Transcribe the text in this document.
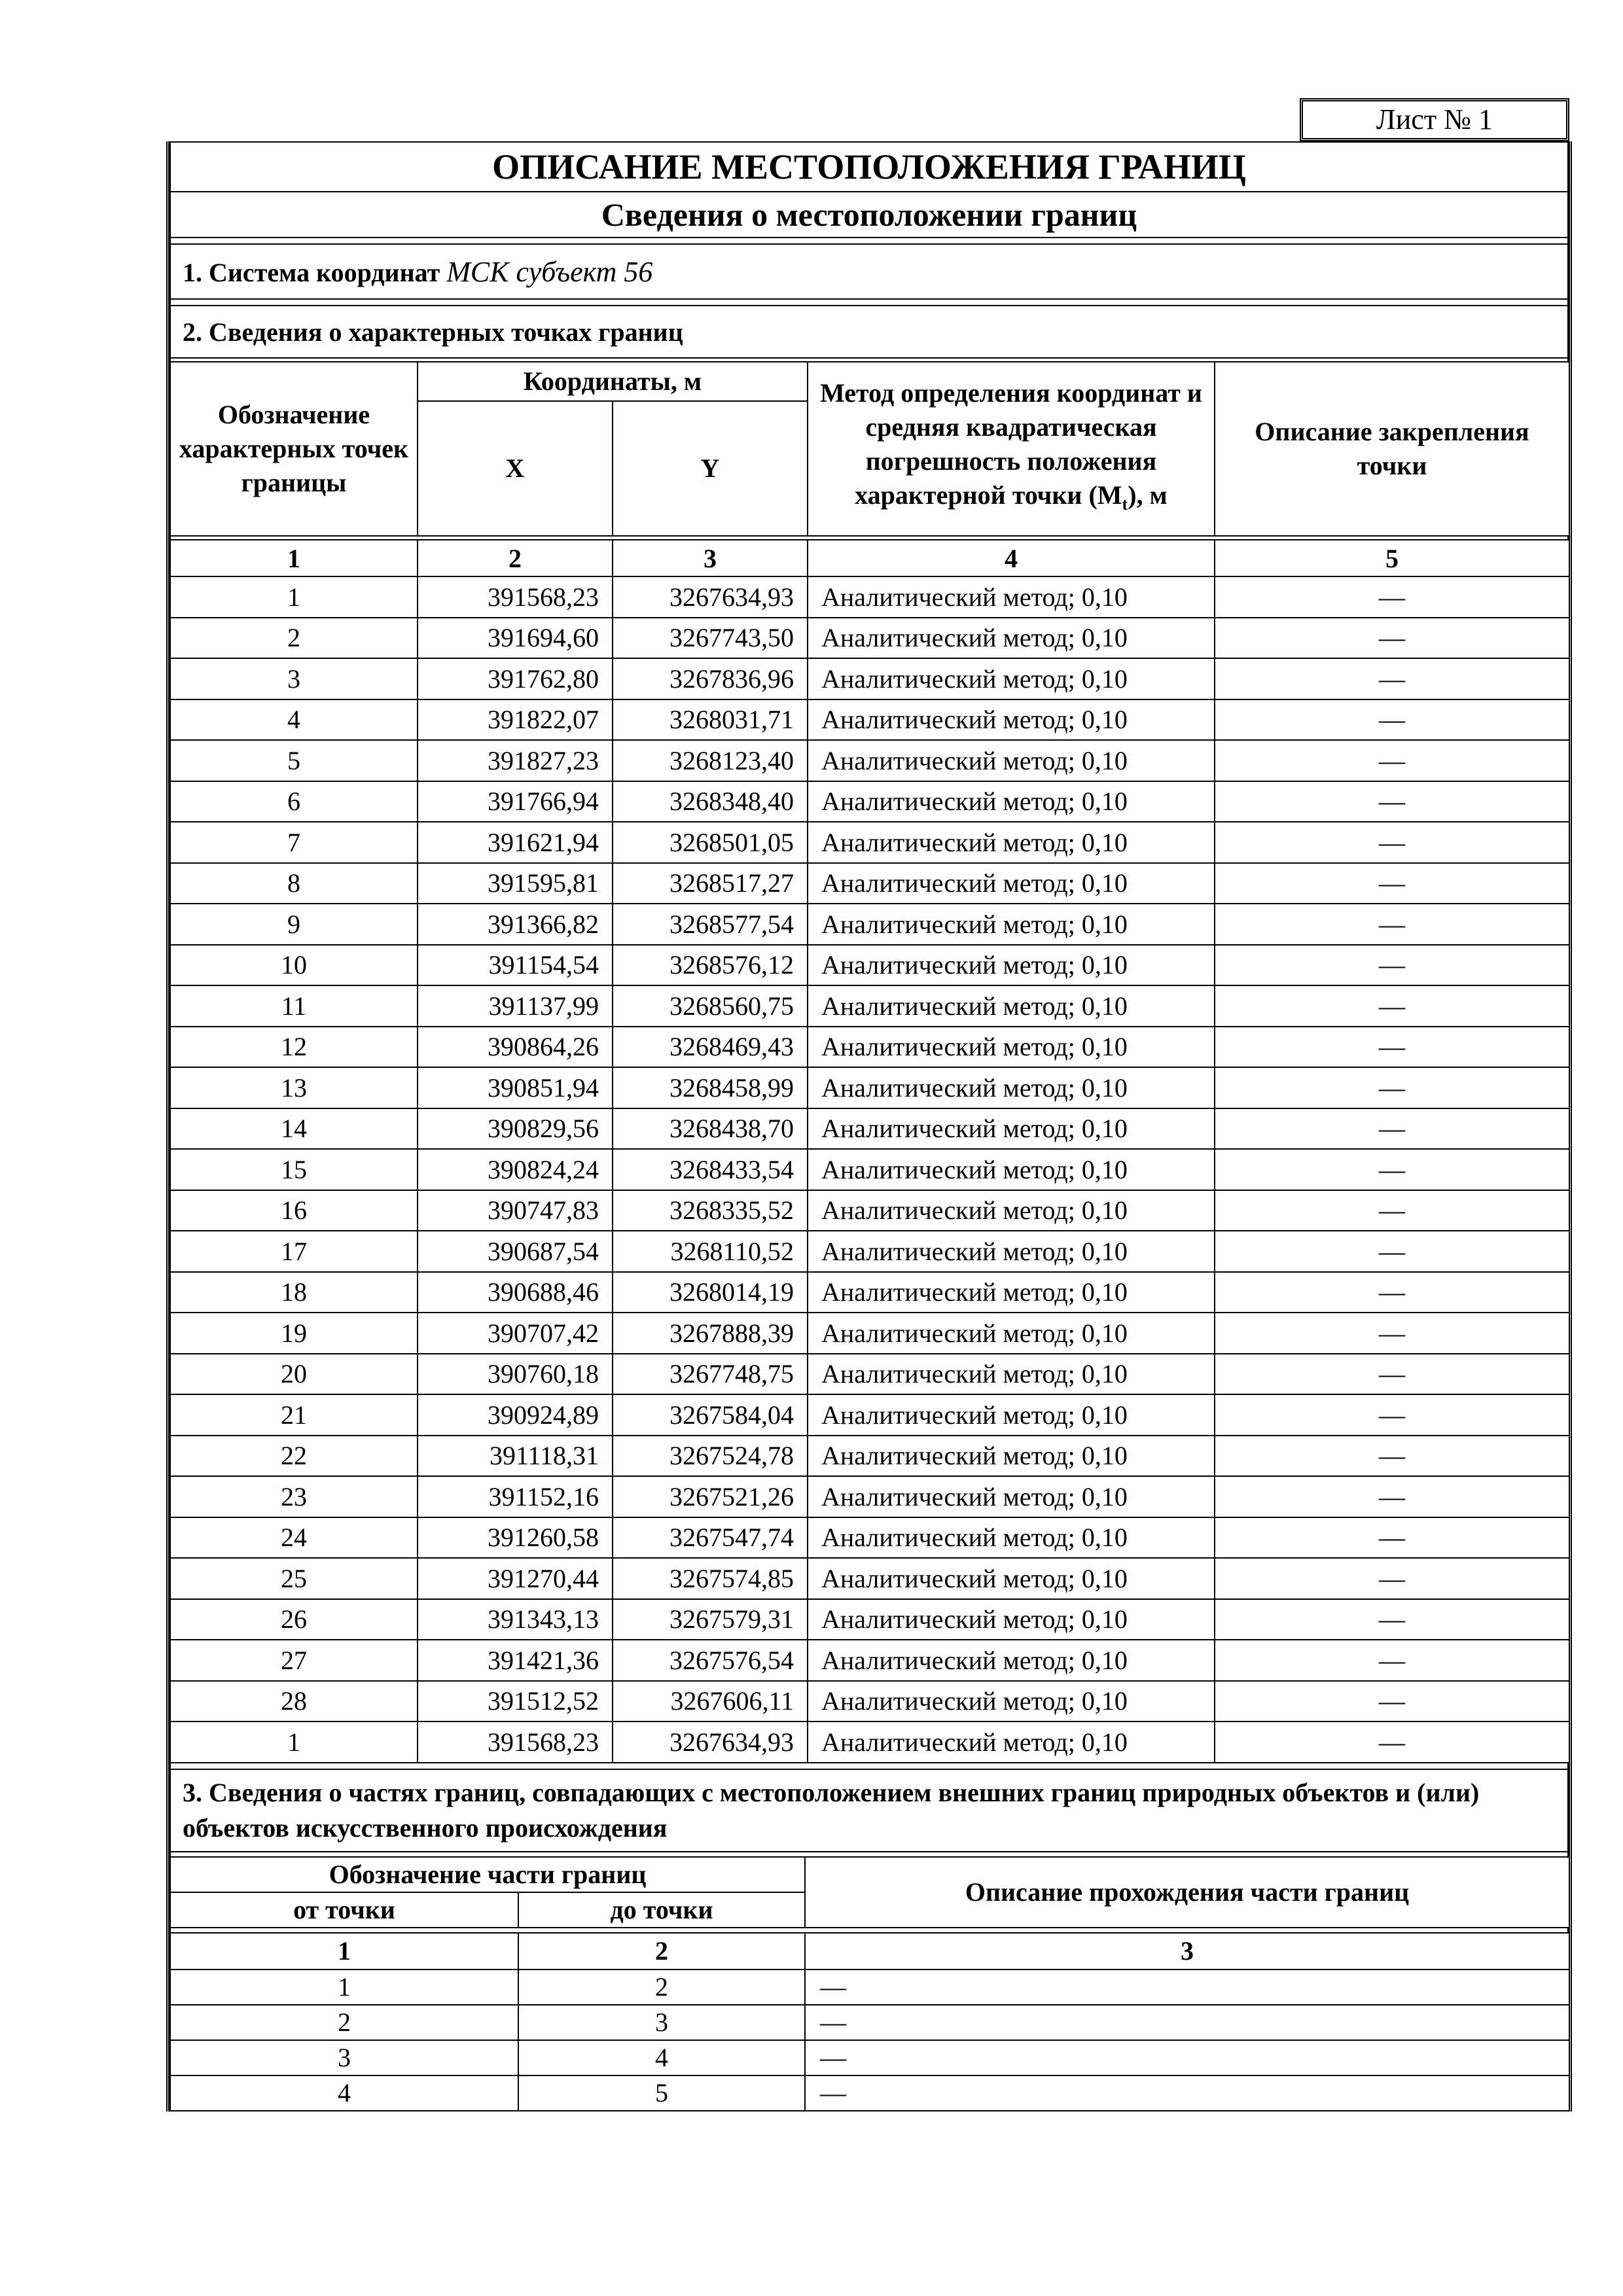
Лист № 1
ОПИСАНИЕ МЕСТОПОЛОЖЕНИЯ ГРАНИЦ
Сведения о местоположении границ
1. Система координат МСК субъект 56
2. Сведения о характерных точках границ
Обозначение характерных точек границы	Координаты, м		Метод определения координат и средняя квадратическая погрешность положения характерной точки $(M_t)$, м	Описание закрепления точки
	X	Y		
1	2	3	4	5
1	391568,23	3267634,93	Аналитический метод; 0,10	—
2	391694,60	3267743,50	Аналитический метод; 0,10	—
3	391762,80	3267836,96	Аналитический метод; 0,10	—
4	391822,07	3268031,71	Аналитический метод; 0,10	—
5	391827,23	3268123,40	Аналитический метод; 0,10	—
6	391766,94	3268348,40	Аналитический метод; 0,10	—
7	391621,94	3268501,05	Аналитический метод; 0,10	—
8	391595,81	3268517,27	Аналитический метод; 0,10	—
9	391366,82	3268577,54	Аналитический метод; 0,10	—
10	391154,54	3268576,12	Аналитический метод; 0,10	—
11	391137,99	3268560,75	Аналитический метод; 0,10	—
12	390864,26	3268469,43	Аналитический метод; 0,10	—
13	390851,94	3268458,99	Аналитический метод; 0,10	—
14	390829,56	3268438,70	Аналитический метод; 0,10	—
15	390824,24	3268433,54	Аналитический метод; 0,10	—
16	390747,83	3268335,52	Аналитический метод; 0,10	—
17	390687,54	3268110,52	Аналитический метод; 0,10	—
18	390688,46	3268014,19	Аналитический метод; 0,10	—
19	390707,42	3267888,39	Аналитический метод; 0,10	—
20	390760,18	3267748,75	Аналитический метод; 0,10	—
21	390924,89	3267584,04	Аналитический метод; 0,10	—
22	391118,31	3267524,78	Аналитический метод; 0,10	—
23	391152,16	3267521,26	Аналитический метод; 0,10	—
24	391260,58	3267547,74	Аналитический метод; 0,10	—
25	391270,44	3267574,85	Аналитический метод; 0,10	—
26	391343,13	3267579,31	Аналитический метод; 0,10	—
27	391421,36	3267576,54	Аналитический метод; 0,10	—
28	391512,52	3267606,11	Аналитический метод; 0,10	—
1	391568,23	3267634,93	Аналитический метод; 0,10	—
3. Сведения о частях границ, совпадающих с местоположением внешних границ природных объектов и (или) объектов искусственного происхождения
Обозначение части границ		Описание прохождения части границ
от точки	до точки	
1	2	3
1	2	—
2	3	—
3	4	—
4	5	—
